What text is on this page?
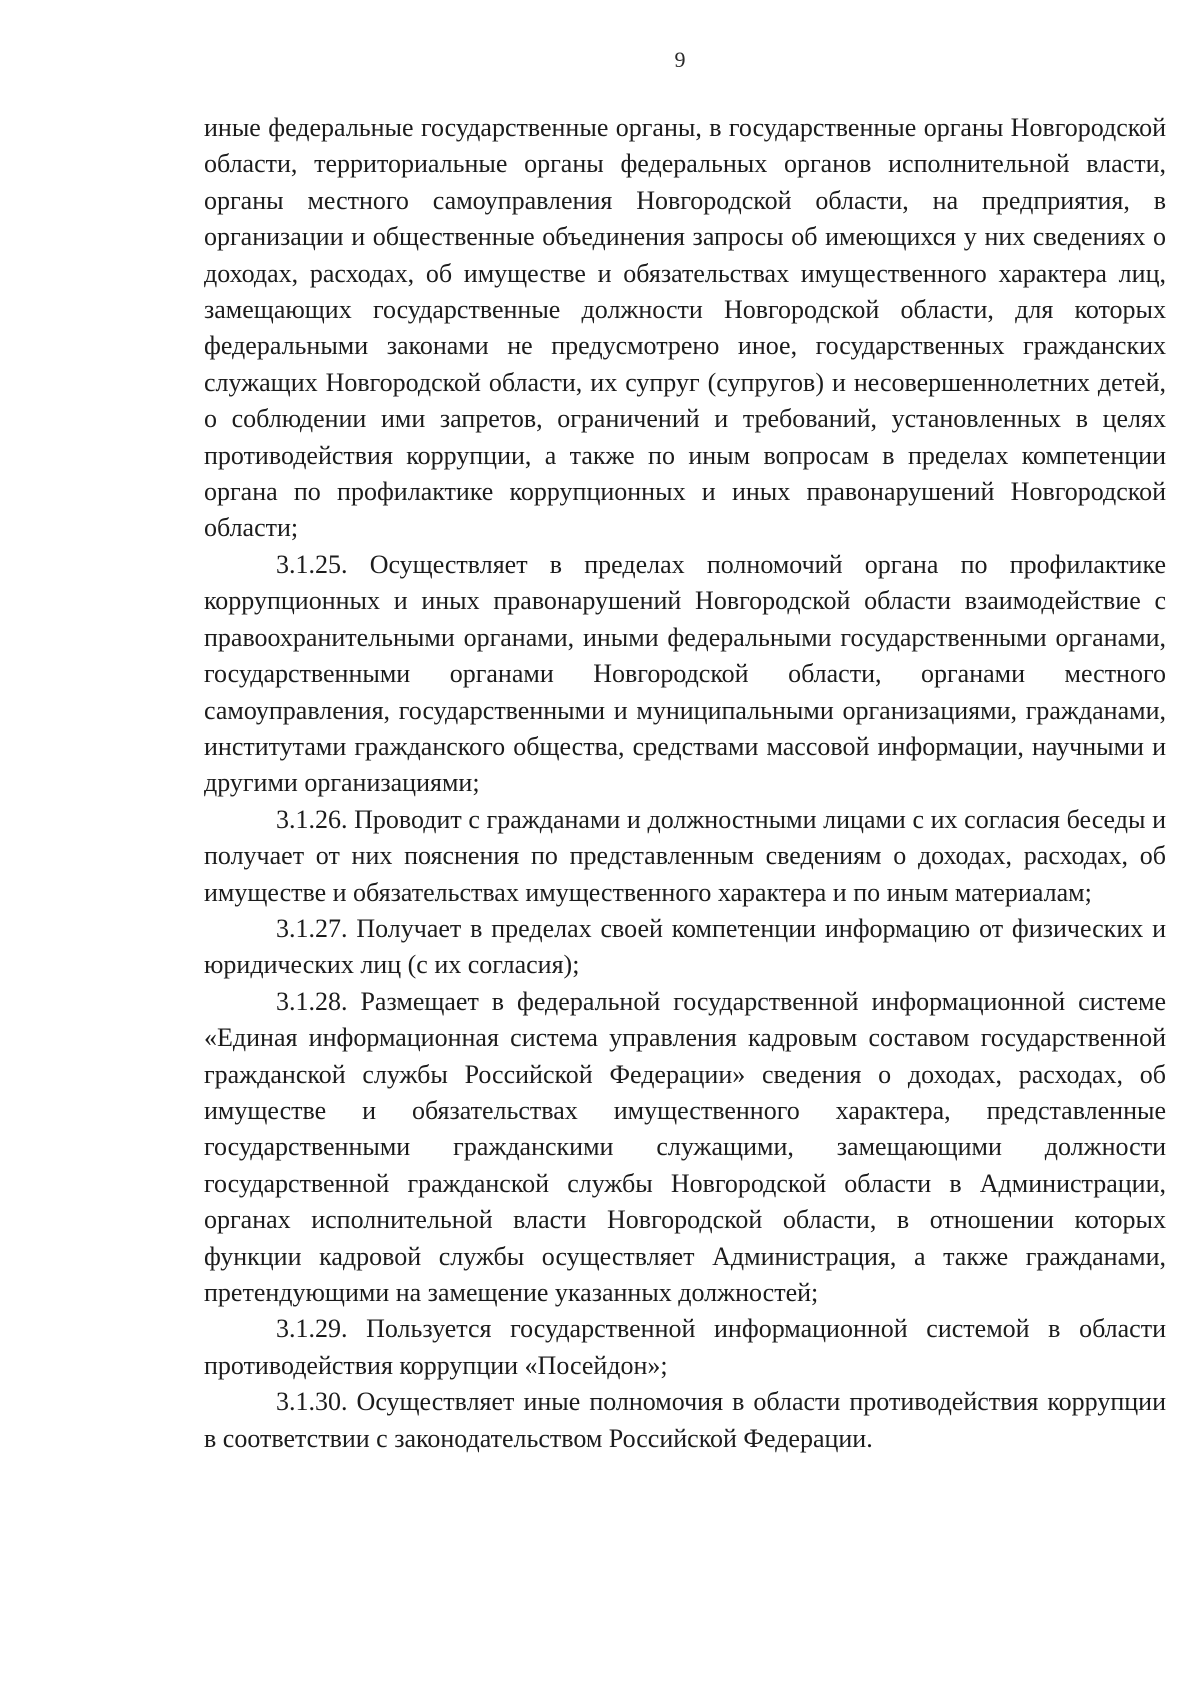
9

иные федеральные государственные органы, в государственные органы Новгородской области, территориальные органы федеральных органов исполнительной власти, органы местного самоуправления Новгородской области, на предприятия, в организации и общественные объединения запросы об имеющихся у них сведениях о доходах, расходах, об имуществе и обязательствах имущественного характера лиц, замещающих государственные должности Новгородской области, для которых федеральными законами не предусмотрено иное, государственных гражданских служащих Новгородской области, их супруг (супругов) и несовершеннолетних детей, о соблюдении ими запретов, ограничений и требований, установленных в целях противодействия коррупции, а также по иным вопросам в пределах компетенции органа по профилактике коррупционных и иных правонарушений Новгородской области;

3.1.25. Осуществляет в пределах полномочий органа по профилактике коррупционных и иных правонарушений Новгородской области взаимодействие с правоохранительными органами, иными федеральными государственными органами, государственными органами Новгородской области, органами местного самоуправления, государственными и муниципальными организациями, гражданами, институтами гражданского общества, средствами массовой информации, научными и другими организациями;

3.1.26. Проводит с гражданами и должностными лицами с их согласия беседы и получает от них пояснения по представленным сведениям о доходах, расходах, об имуществе и обязательствах имущественного характера и по иным материалам;

3.1.27. Получает в пределах своей компетенции информацию от физических и юридических лиц (с их согласия);

3.1.28. Размещает в федеральной государственной информационной системе «Единая информационная система управления кадровым составом государственной гражданской службы Российской Федерации» сведения о доходах, расходах, об имуществе и обязательствах имущественного характера, представленные государственными гражданскими служащими, замещающими должности государственной гражданской службы Новгородской области в Администрации, органах исполнительной власти Новгородской области, в отношении которых функции кадровой службы осуществляет Администрация, а также гражданами, претендующими на замещение указанных должностей;

3.1.29. Пользуется государственной информационной системой в области противодействия коррупции «Посейдон»;

3.1.30. Осуществляет иные полномочия в области противодействия коррупции в соответствии с законодательством Российской Федерации.
